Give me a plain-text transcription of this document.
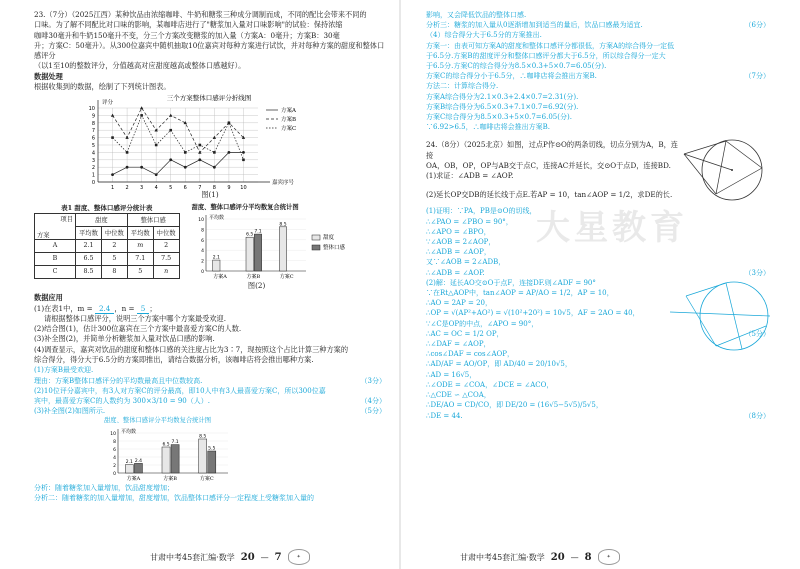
23.（7分）（2025江西）某种饮品由浓缩咖啡、牛奶和糖浆三种成分调制而成，不同的配比会带来不同的
口味。为了解不同配比对口味的影响，某咖啡店进行了"糖浆加入量对口味影响"的试验：保持浓缩
咖啡30毫升和牛奶150毫升不变，分三个方案改变糖浆的加入量（方案A：0毫升；方案B：30毫
升；方案C：50毫升）。从300位嘉宾中随机抽取10位嘉宾对每种方案进行试饮，并对每种方案的甜度和整体口感评分
（以1至10的整数评分，分值越高对应甜度越高或整体口感越好）。
数据处理
根据收集到的数据，绘制了下列统计图表。
三个方案整体口感评分折线图
0
1
2
3
4
5
6
7
8
9
10
1 2 3 4 5 6 7 8 9 10
评分
嘉宾序号
方案A
方案B
方案C
图(1)
表1 甜度、整体口感评分统计表
项目
方案	甜度		整体口感	
	平均数	中位数	平均数	中位数
A	2.1	2	m	2
B	6.5	5	7.1	7.5
C	8.5	8	5	n
甜度、整体口感评分平均数复合统计图
0
2
4
6
8
10 平均数
方案A	方案B	方案C
2.1
6.5
7.1
8.5
甜度
整体口感
图(2)
数据应用
(1)在表1中，m = 2.4 ，n = 5 ；
请根据整体口感评分，说明三个方案中哪个方案最受欢迎.
(2)结合图(1)，估计300位嘉宾在三个方案中最喜爱方案C的人数.
(3)补全图(2)，并简单分析糖浆加入量对饮品口感的影响.
(4)调查显示，嘉宾对饮品的甜度和整体口感的关注度占比为3∶7，现按照这个占比计算三种方案的
综合得分，得分大于6.5分的方案即推出，请结合数据分析，该咖啡店将会推出哪种方案.
(1)方案B最受欢迎.
理由：方案B整体口感评分的平均数最高且中位数较高.	（3分）
(2)10位评分嘉宾中，有3人对方案C的评分最高，即10人中有3人最喜爱方案C，所以300位嘉
宾中，最喜爱方案C的人数约为 300×3/10 = 90（人）.	（4分）
(3)补全图(2)如图所示.	（5分）
甜度、整体口感评分平均数复合统计图
0
2
4
6
8
10 平均数
方案A	方案B	方案C
2.1 2.4
6.5 7.1
8.5
5.5
分析：随着糖浆加入量增加，饮品甜度增加；
分析二：随着糖浆的加入量增加，甜度增加，饮品整体口感评分一定程度上受糖浆加入量的
甘肃中考45套汇编·数学 20 — 7	✦
影响，又会降低饮品的整体口感.
分析三：糖浆的加入量从0逐渐增加到适当的量后，饮品口感最为适宜.	（6分）
（4）综合得分大于6.5分的方案推出.
方案一：由表可知方案A的甜度和整体口感评分都很低，方案A的综合得分一定低
于6.5分.方案B的甜度评分和整体口感评分都大于6.5分，所以综合得分一定大
于6.5分.方案C的综合得分为8.5×0.3+5×0.7=6.05(分).
方案C的综合得分小于6.5分，∴咖啡店将会推出方案B.	（7分）
方法二：计算综合得分.
方案A综合得分为2.1×0.3+2.4×0.7=2.31(分).
方案B综合得分为6.5×0.3+7.1×0.7=6.92(分).
方案C综合得分为8.5×0.3+5×0.7=6.05(分).
∵6.92>6.5，∴咖啡店将会推出方案B.
24.（8分）（2025北京）如图，过点P作⊙O的两条切线，切点分别为A，B，连接
OA，OB，OP，OP与AB交于点C，连接AC并延长，交⊙O于点D，连接BD.
(1)求证：∠ADB = ∠AOP.
(2)延长OP交DB的延长线于点E.若AP = 10，tan∠AOP = 1/2，求DE的长.
大星教育
(1)证明：∵PA，PB是⊙O的切线，
∴∠PAO = ∠PBO = 90°，
∴∠APO = ∠BPO，
∵∠AOB = 2∠AOP，
∴∠ADB = ∠AOP，
又∵∠AOB = 2∠ADB，
∴∠ADB = ∠AOP.	（3分）
(2)解：延长AO交⊙O于点F，连接DF.则∠ADF = 90°
∵在Rt△AOP中，tan∠AOP = AP/AO = 1/2，AP = 10，
∴AO = 2AP = 20，
∴OP = √(AP²+AO²) = √(10²+20²) = 10√5，AF = 2AO = 40，
∵∠C是OP的中点，∠APO = 90°，
∴AC = OC = 1/2 OP，	（5分）
∴∠DAF = ∠AOP，
∴cos∠DAF = cos∠AOP，
∴AD/AF = AO/OP，即 AD/40 = 20/10√5，
∴AD = 16√5，
∴∠ODE = ∠COA，∠DCE = ∠ACO，
∴△CDE ∽ △COA，
∴DE/AO = CD/CO，即 DE/20 = (16√5−5√5)/5√5，
∴DE = 44.	（8分）
甘肃中考45套汇编·数学 20 — 8	✦
